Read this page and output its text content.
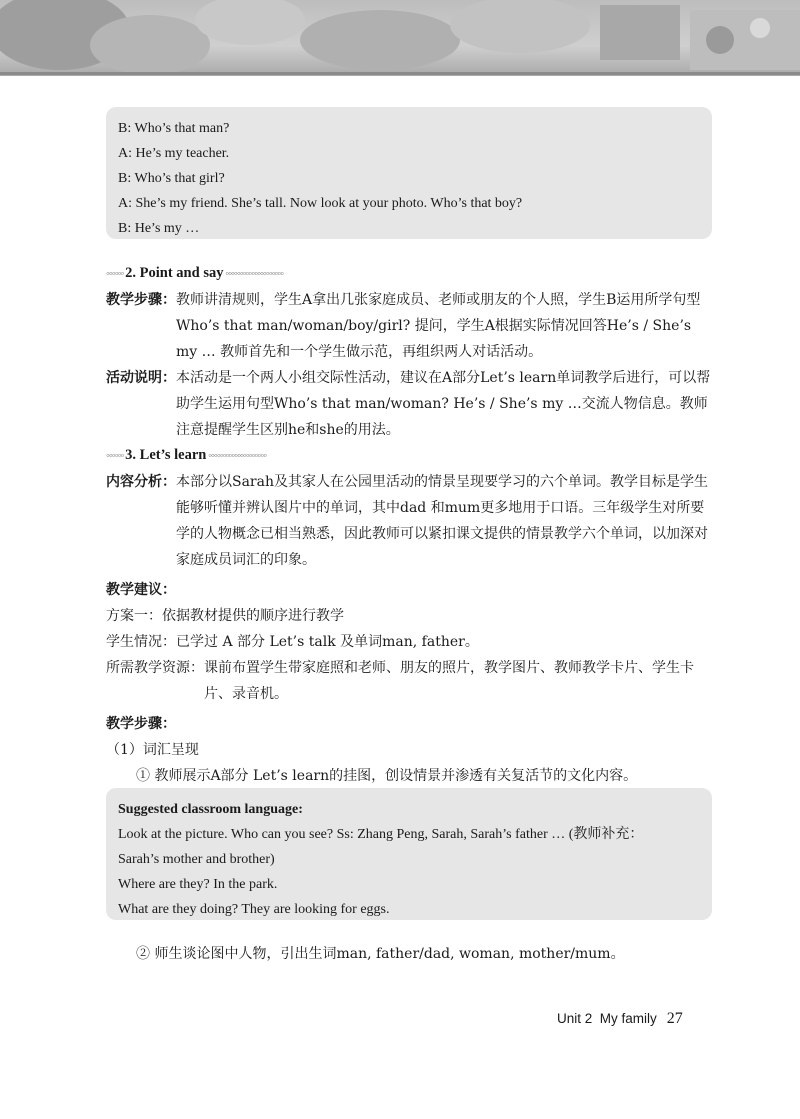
B: Who’s that man?
A: He’s my teacher.
B: Who’s that girl?
A: She’s my friend. She’s tall. Now look at your photo. Who’s that boy?
B: He’s my …
◦◦◦◦◦◦ 2. Point and say ◦◦◦◦◦◦◦◦◦◦◦◦◦◦◦◦◦◦◦◦
教学步骤： 教师讲清规则，学生A拿出几张家庭成员、老师或朋友的个人照，学生B运用所学句型Who’s that man/woman/boy/girl? 提问，学生A根据实际情况回答He’s / She’s my … 教师首先和一个学生做示范，再组织两人对话活动。
活动说明： 本活动是一个两人小组交际性活动，建议在A部分Let’s learn单词教学后进行，可以帮助学生运用句型Who’s that man/woman? He’s / She’s my …交流人物信息。教师注意提醒学生区别he和she的用法。
◦◦◦◦◦◦ 3. Let’s learn ◦◦◦◦◦◦◦◦◦◦◦◦◦◦◦◦◦◦◦◦
内容分析： 本部分以Sarah及其家人在公园里活动的情景呈现要学习的六个单词。教学目标是学生能够听懂并辨认图片中的单词，其中dad 和mum更多地用于口语。三年级学生对所要学的人物概念已相当熟悉，因此教师可以紧扣课文提供的情景教学六个单词，以加深对家庭成员词汇的印象。
教学建议：
方案一：依据教材提供的顺序进行教学
学生情况：已学过 A 部分 Let’s talk 及单词man, father。
所需教学资源： 课前布置学生带家庭照和老师、朋友的照片，教学图片、教师教学卡片、学生卡片、录音机。
教学步骤：
（1）词汇呈现
① 教师展示A部分 Let’s learn的挂图，创设情景并渗透有关复活节的文化内容。
Suggested classroom language:
Look at the picture. Who can you see? Ss: Zhang Peng, Sarah, Sarah’s father … (教师补充：
Sarah’s mother and brother)
Where are they? In the park.
What are they doing? They are looking for eggs.
② 师生谈论图中人物，引出生词man, father/dad, woman, mother/mum。
Unit 2  My family 27
